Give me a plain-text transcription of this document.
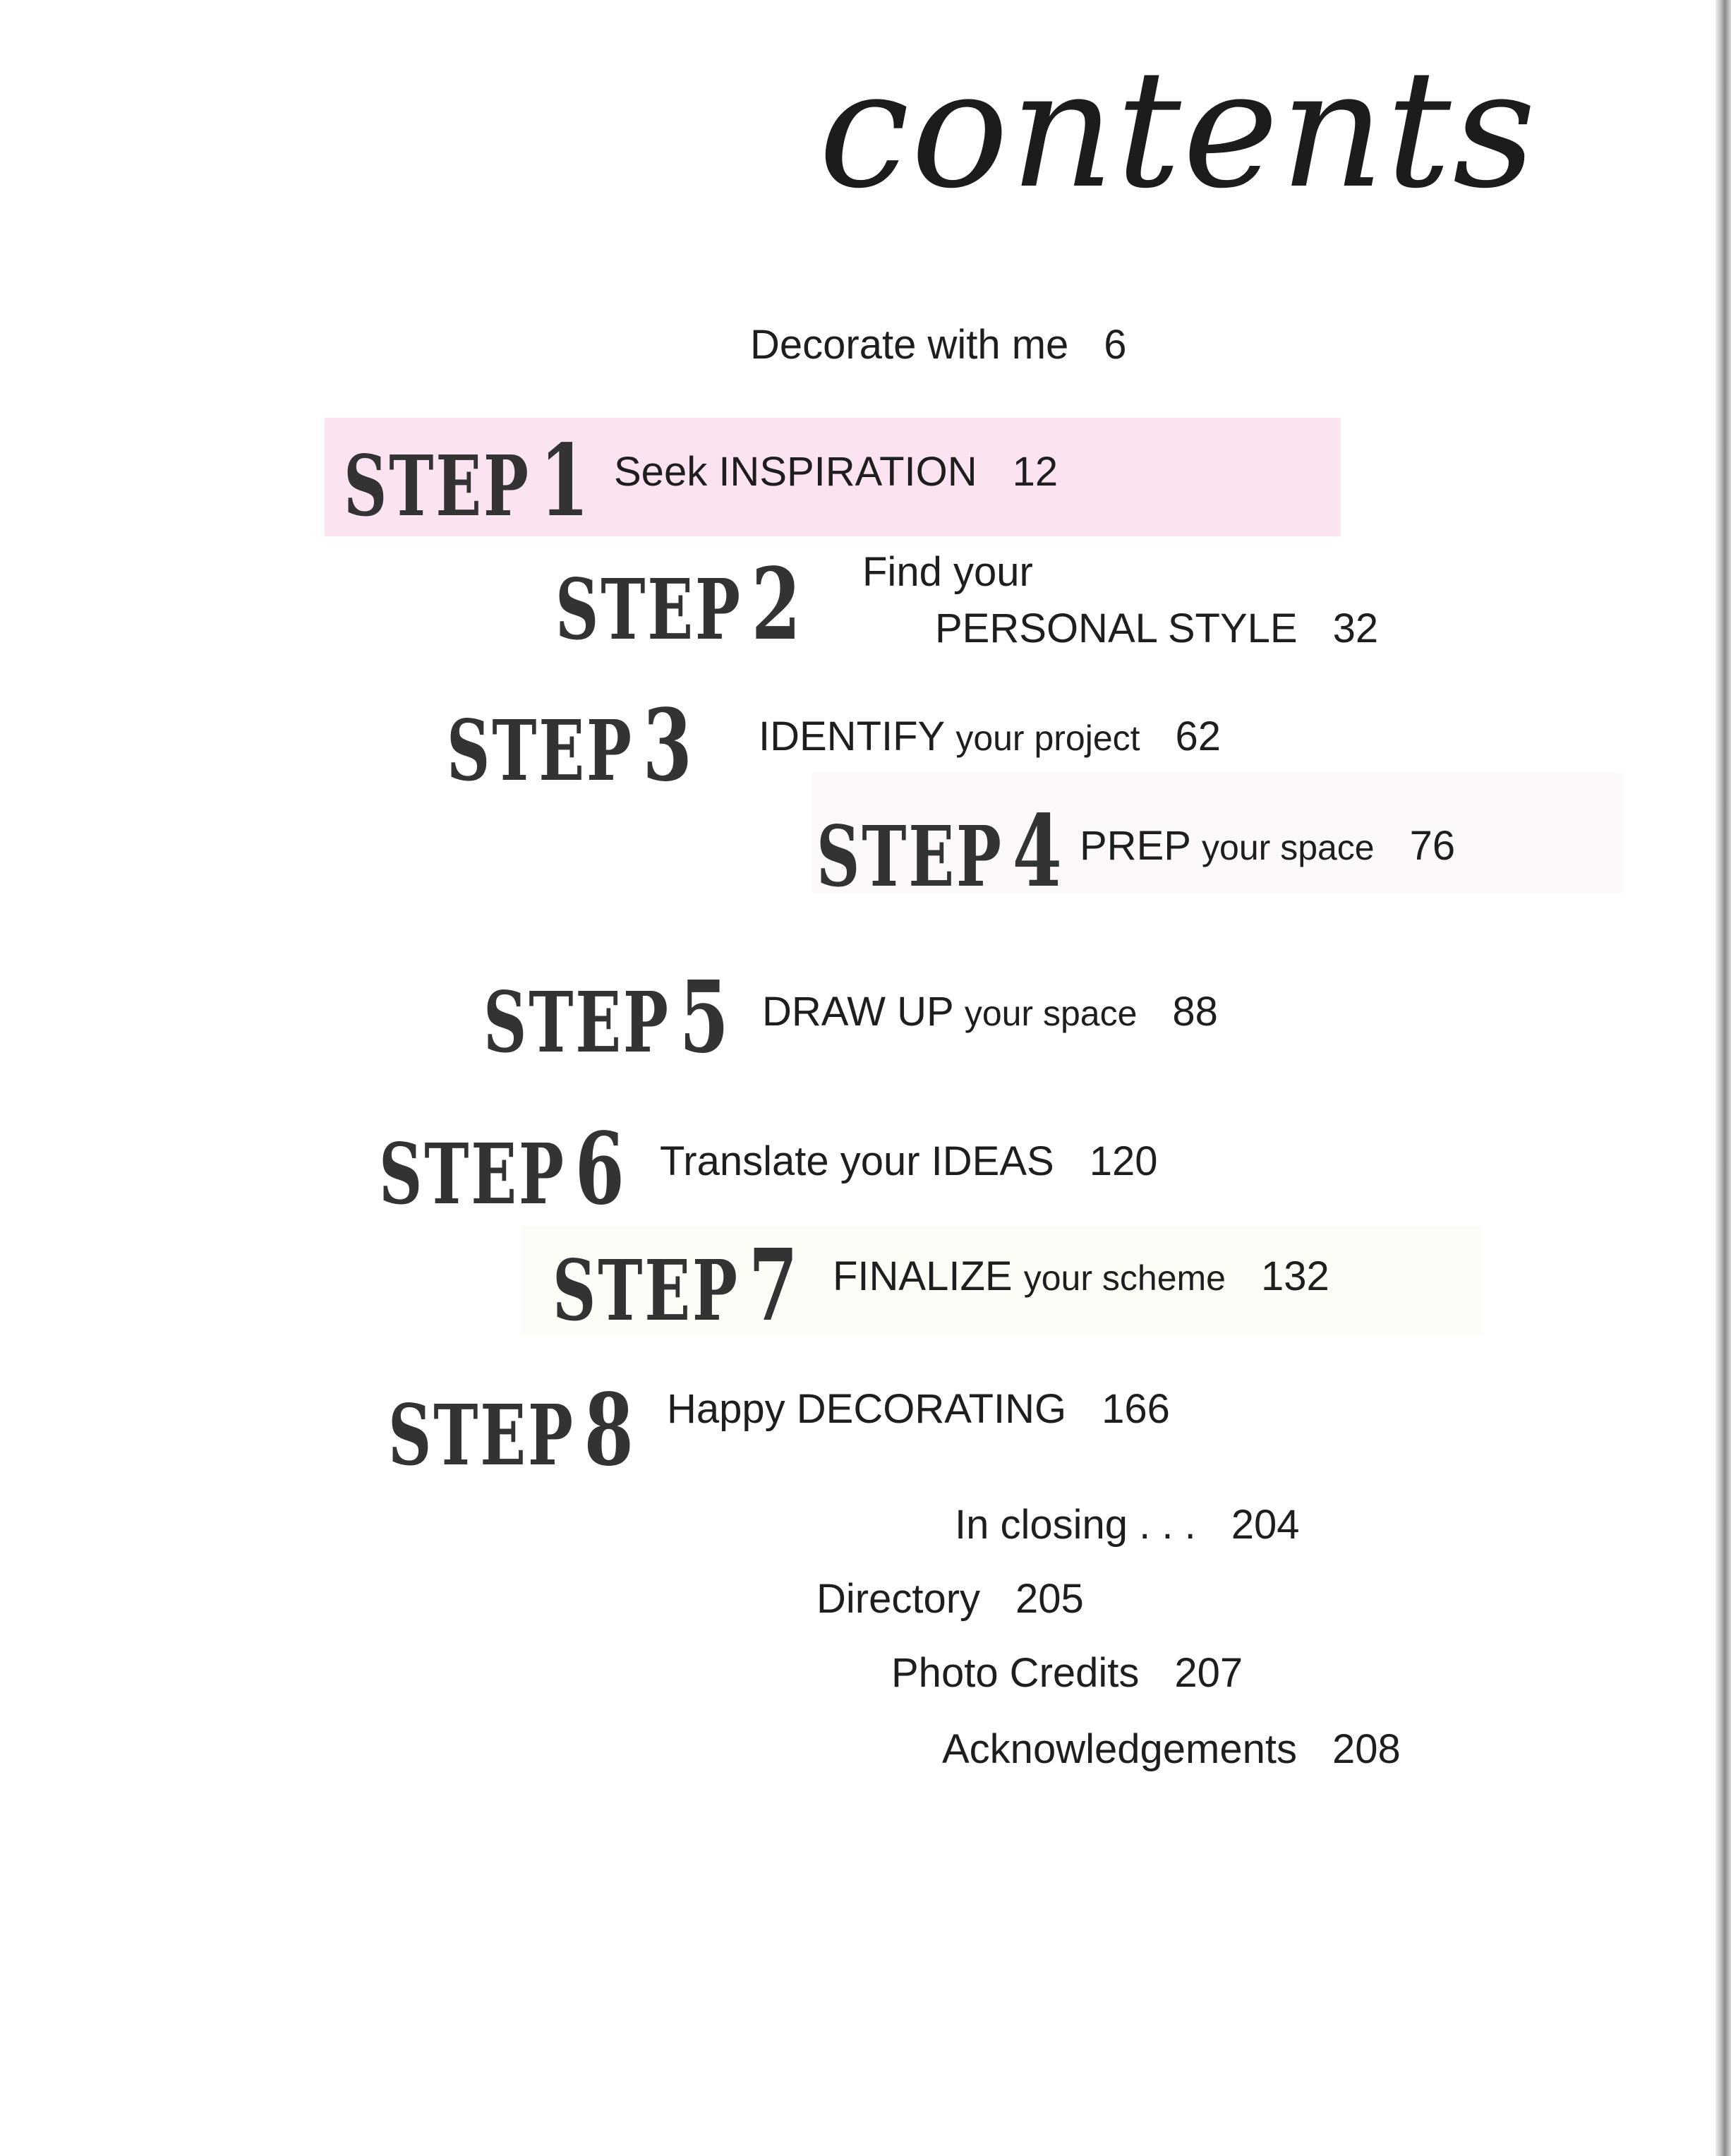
contents
Decorate with me 6
STEP1 Seek INSPIRATION 12
STEP2 Find your
PERSONAL STYLE 32
STEP3 IDENTIFY your project 62
STEP4 PREP your space 76
STEP5 DRAW UP your space 88
STEP6 Translate your IDEAS 120
STEP7 FINALIZE your scheme 132
STEP8 Happy DECORATING 166
In closing . . . 204
Directory 205
Photo Credits 207
Acknowledgements 208
